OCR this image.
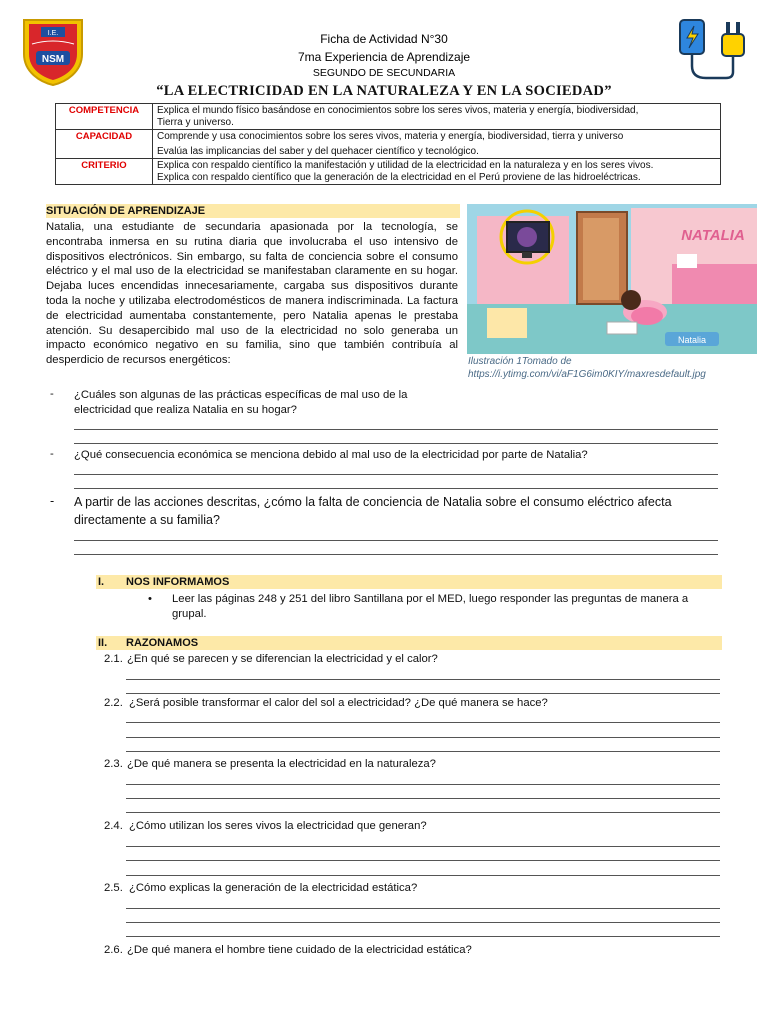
I.E.
NSM
Ficha de Actividad N°30
7ma Experiencia de Aprendizaje
SEGUNDO DE SECUNDARIA
“LA ELECTRICIDAD EN LA NATURALEZA Y EN LA SOCIEDAD”
COMPETENCIA	Explica el mundo físico basándose en conocimientos sobre los seres vivos, materia y energía, biodiversidad,
Tierra y universo.

CAPACIDAD	Comprende y usa conocimientos sobre los seres vivos, materia y energía, biodiversidad, tierra y universo
Evalúa las implicancias del saber y del quehacer científico y tecnológico.

CRITERIO	Explica con respaldo científico la manifestación y utilidad de la electricidad en la naturaleza y en los seres vivos.
Explica con respaldo científico que la generación de la electricidad en el Perú proviene de las hidroeléctricas.
SITUACIÓN DE APRENDIZAJE
Natalia, una estudiante de secundaria apasionada por la tecnología, se encontraba inmersa en su rutina diaria que involucraba el uso intensivo de dispositivos electrónicos. Sin embargo, su falta de conciencia sobre el consumo eléctrico y el mal uso de la electricidad se manifestaban claramente en su hogar. Dejaba luces encendidas innecesariamente, cargaba sus dispositivos durante toda la noche y utilizaba electrodomésticos de manera indiscriminada. La factura de electricidad aumentaba constantemente, pero Natalia apenas le prestaba atención. Su desapercibido mal uso de la electricidad no solo generaba un impacto económico negativo en su familia, sino que también contribuía al desperdicio de recursos energéticos:
NATALIA
Natalia
Ilustración 1Tomado de https://i.ytimg.com/vi/aF1G6im0KIY/maxresdefault.jpg
- ¿Cuáles son algunas de las prácticas específicas de mal uso de la electricidad que realiza Natalia en su hogar?
- ¿Qué consecuencia económica se menciona debido al mal uso de la electricidad por parte de Natalia?
- A partir de las acciones descritas, ¿cómo la falta de conciencia de Natalia sobre el consumo eléctrico afecta directamente a su familia?
I. NOS INFORMAMOS
• Leer las páginas 248 y 251 del libro Santillana por el MED, luego responder las preguntas de manera a grupal.
II. RAZONAMOS
2.1. ¿En qué se parecen y se diferencian la electricidad y el calor?
2.2. ¿Será posible transformar el calor del sol a electricidad? ¿De qué manera se hace?
2.3. ¿De qué manera se presenta la electricidad en la naturaleza?
2.4. ¿Cómo utilizan los seres vivos la electricidad que generan?
2.5. ¿Cómo explicas la generación de la electricidad estática?
2.6. ¿De qué manera el hombre tiene cuidado de la electricidad estática?
